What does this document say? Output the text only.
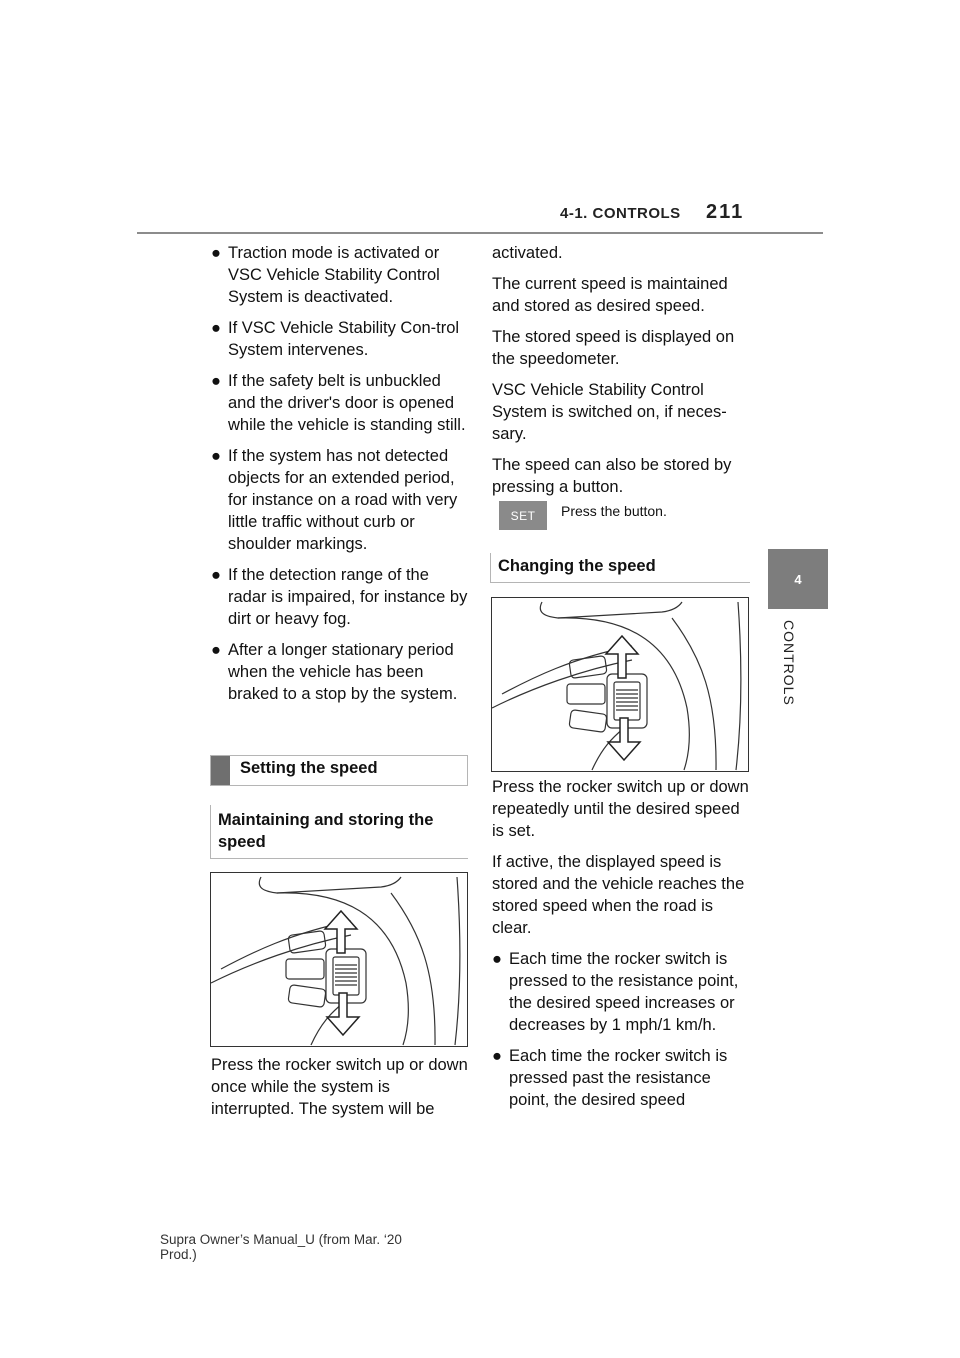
4-1. CONTROLS 211
4
CONTROLS
● Traction mode is activated or VSC Vehicle Stability Control System is deactivated.
● If VSC Vehicle Stability Con-trol System intervenes.
● If the safety belt is unbuckled and the driver's door is opened while the vehicle is standing still.
● If the system has not detected objects for an extended period, for instance on a road with very little traffic without curb or shoulder markings.
● If the detection range of the radar is impaired, for instance by dirt or heavy fog.
● After a longer stationary period when the vehicle has been braked to a stop by the system.
Setting the speed
Maintaining and storing the speed

Press the rocker switch up or down once while the system is interrupted. The system will be

activated.

The current speed is maintained and stored as desired speed.

The stored speed is displayed on the speedometer.

VSC Vehicle Stability Control System is switched on, if neces-sary.

The speed can also be stored by pressing a button.

SET	Press the button.
Changing the speed

Press the rocker switch up or down repeatedly until the desired speed is set.

If active, the displayed speed is stored and the vehicle reaches the stored speed when the road is clear.

● Each time the rocker switch is pressed to the resistance point, the desired speed increases or decreases by 1 mph/1 km/h.
● Each time the rocker switch is pressed past the resistance point, the desired speed
Supra Owner’s Manual_U (from Mar. ‘20
Prod.)
